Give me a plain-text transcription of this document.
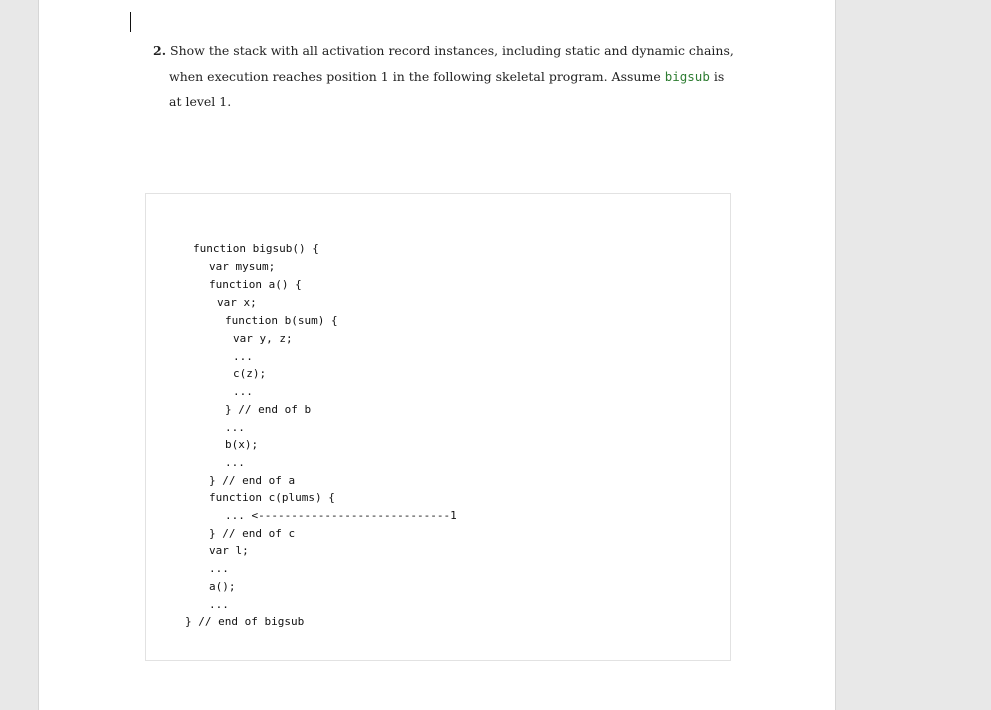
2. Show the stack with all activation record instances, including static and dynamic chains,
when execution reaches position 1 in the following skeletal program. Assume bigsub is
at level 1.
function bigsub() {
var mysum;
function a() {
var x;
function b(sum) {
var y, z;
...
c(z);
...
} // end of b
...
b(x);
...
} // end of a
function c(plums) {
... <-----------------------------1
} // end of c
var l;
...
a();
...
} // end of bigsub
